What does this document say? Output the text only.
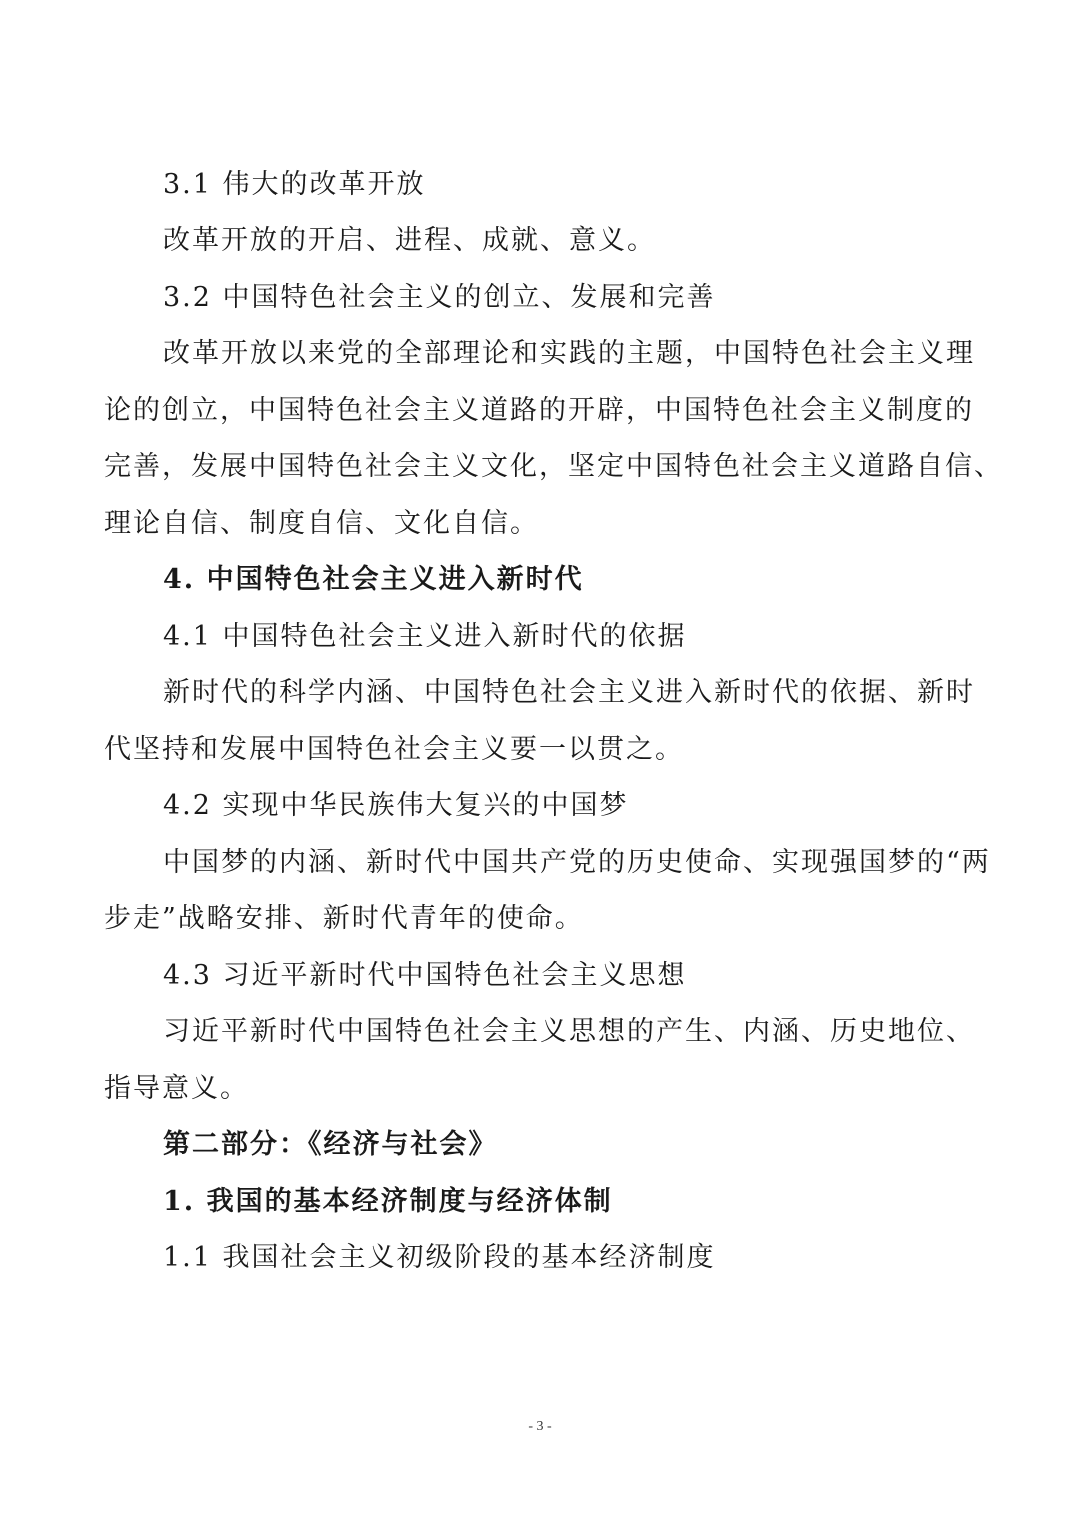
3.1 伟大的改革开放
改革开放的开启、进程、成就、意义。
3.2 中国特色社会主义的创立、发展和完善
改革开放以来党的全部理论和实践的主题，中国特色社会主义理
论的创立，中国特色社会主义道路的开辟，中国特色社会主义制度的
完善，发展中国特色社会主义文化，坚定中国特色社会主义道路自信、
理论自信、制度自信、文化自信。
4. 中国特色社会主义进入新时代
4.1 中国特色社会主义进入新时代的依据
新时代的科学内涵、中国特色社会主义进入新时代的依据、新时
代坚持和发展中国特色社会主义要一以贯之。
4.2 实现中华民族伟大复兴的中国梦
中国梦的内涵、新时代中国共产党的历史使命、实现强国梦的“两
步走”战略安排、新时代青年的使命。
4.3 习近平新时代中国特色社会主义思想
习近平新时代中国特色社会主义思想的产生、内涵、历史地位、
指导意义。
第二部分：《经济与社会》
1. 我国的基本经济制度与经济体制
1.1 我国社会主义初级阶段的基本经济制度
- 3 -
